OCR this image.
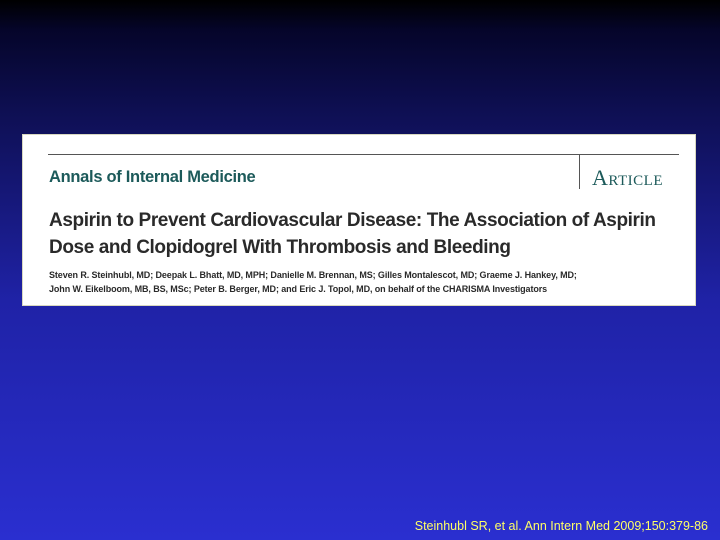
Annals of Internal Medicine	Article
Aspirin to Prevent Cardiovascular Disease: The Association of Aspirin
Dose and Clopidogrel With Thrombosis and Bleeding
Steven R. Steinhubl, MD; Deepak L. Bhatt, MD, MPH; Danielle M. Brennan, MS; Gilles Montalescot, MD; Graeme J. Hankey, MD;
John W. Eikelboom, MB, BS, MSc; Peter B. Berger, MD; and Eric J. Topol, MD, on behalf of the CHARISMA Investigators
Steinhubl SR, et al. Ann Intern Med 2009;150:379-86
